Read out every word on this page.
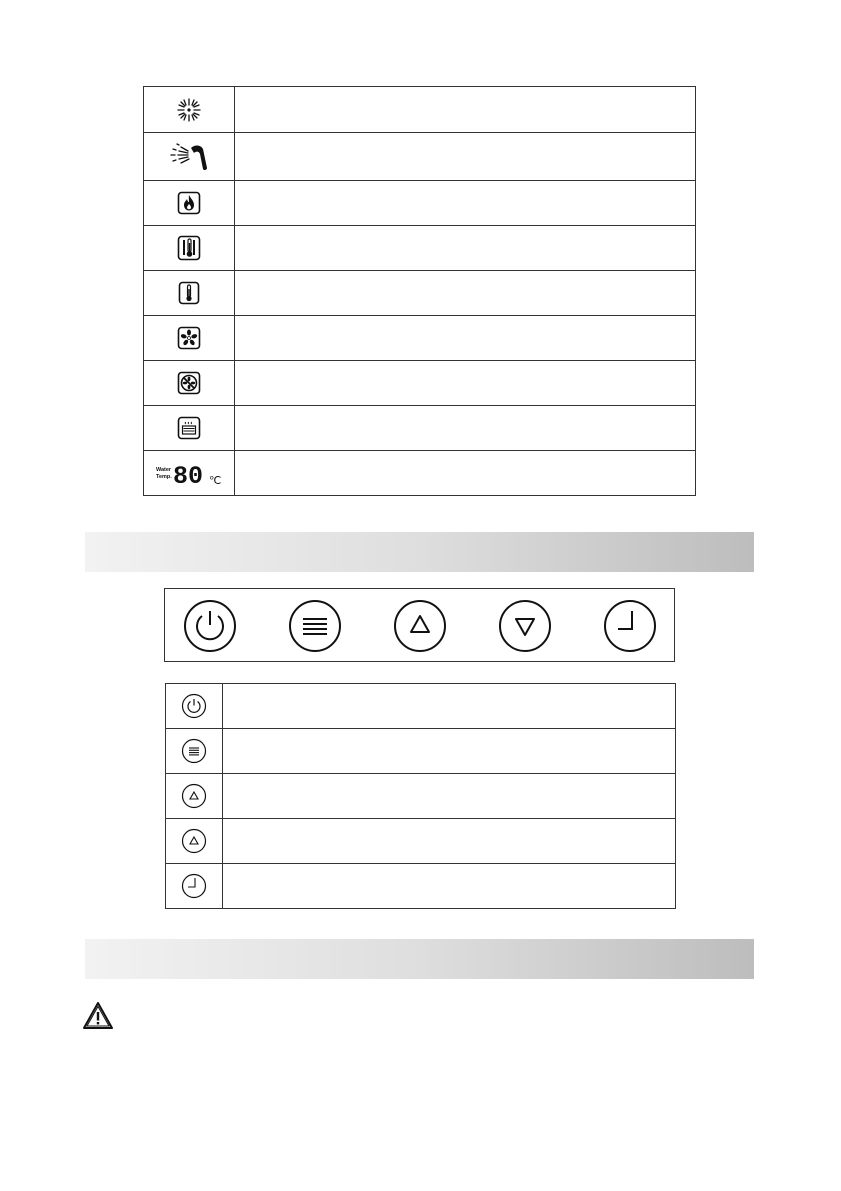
Water
Temp. 80 ℃	
